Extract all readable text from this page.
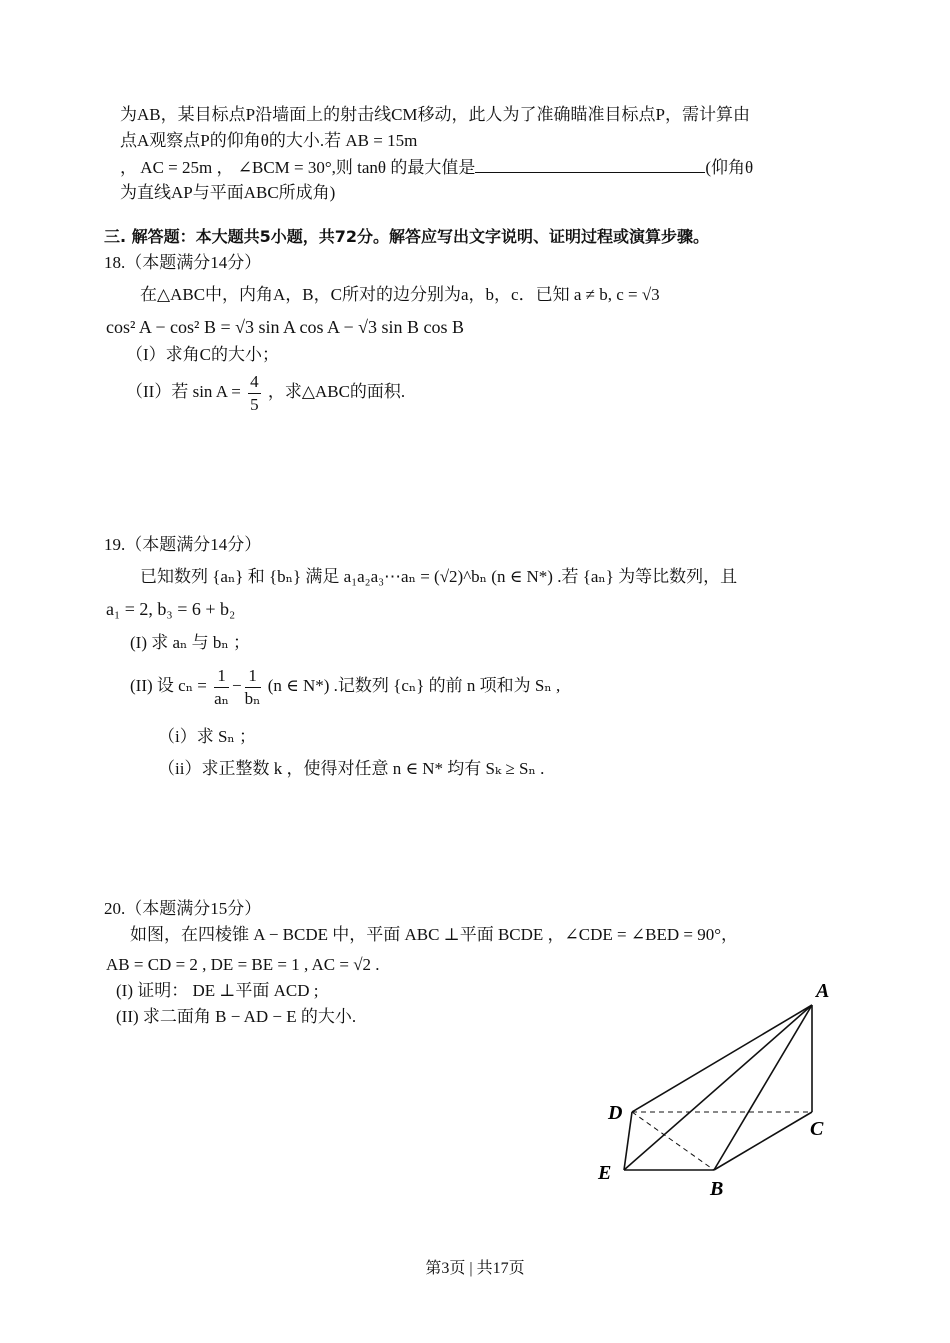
为AB，某目标点P沿墙面上的射击线CM移动，此人为了准确瞄准目标点P，需计算由
点A观察点P的仰角θ的大小.若 AB = 15m
， AC = 25m ， ∠BCM = 30°,则 tanθ 的最大值是	(仰角θ
为直线AP与平面ABC所成角)
三. 解答题：本大题共5小题，共72分。解答应写出文字说明、证明过程或演算步骤。
18.（本题满分14分）
在△ABC中，内角A，B，C所对的边分别为a，b，c．已知 a ≠ b, c = √3
cos² A − cos² B = √3 sin A cos A − √3 sin B cos B
（I）求角C的大小；
（II）若 $\sin A = \frac{4}{5}$ ，求△ABC的面积.
19.（本题满分14分）
已知数列 {aₙ} 和 {bₙ} 满足 a₁a₂a₃⋯aₙ = (√2)^bₙ (n ∈ N*) .若 {aₙ} 为等比数列，且
a₁ = 2, b₃ = 6 + b₂
(I) 求 aₙ 与 bₙ ；
(II) 设 $c_n = \frac{1}{\text{aₙ}} - \frac{1}{\text{bₙ}} (n$ ∈ N*) .记数列 {cₙ} 的前 n 项和为 Sₙ ,
（i）求 Sₙ ；
（ii）求正整数 k ，使得对任意 n ∈ N* 均有 Sₖ ≥ Sₙ .
20.（本题满分15分）
如图，在四棱锥 A − BCDE 中，平面 ABC ⊥平面 BCDE ，∠CDE = ∠BED = 90°，
AB = CD = 2 , DE = BE = 1 , AC = √2 .
(I) 证明： DE ⊥平面 ACD ;
(II) 求二面角 B − AD − E 的大小.
A
D
C
E
B
第3页 | 共17页
